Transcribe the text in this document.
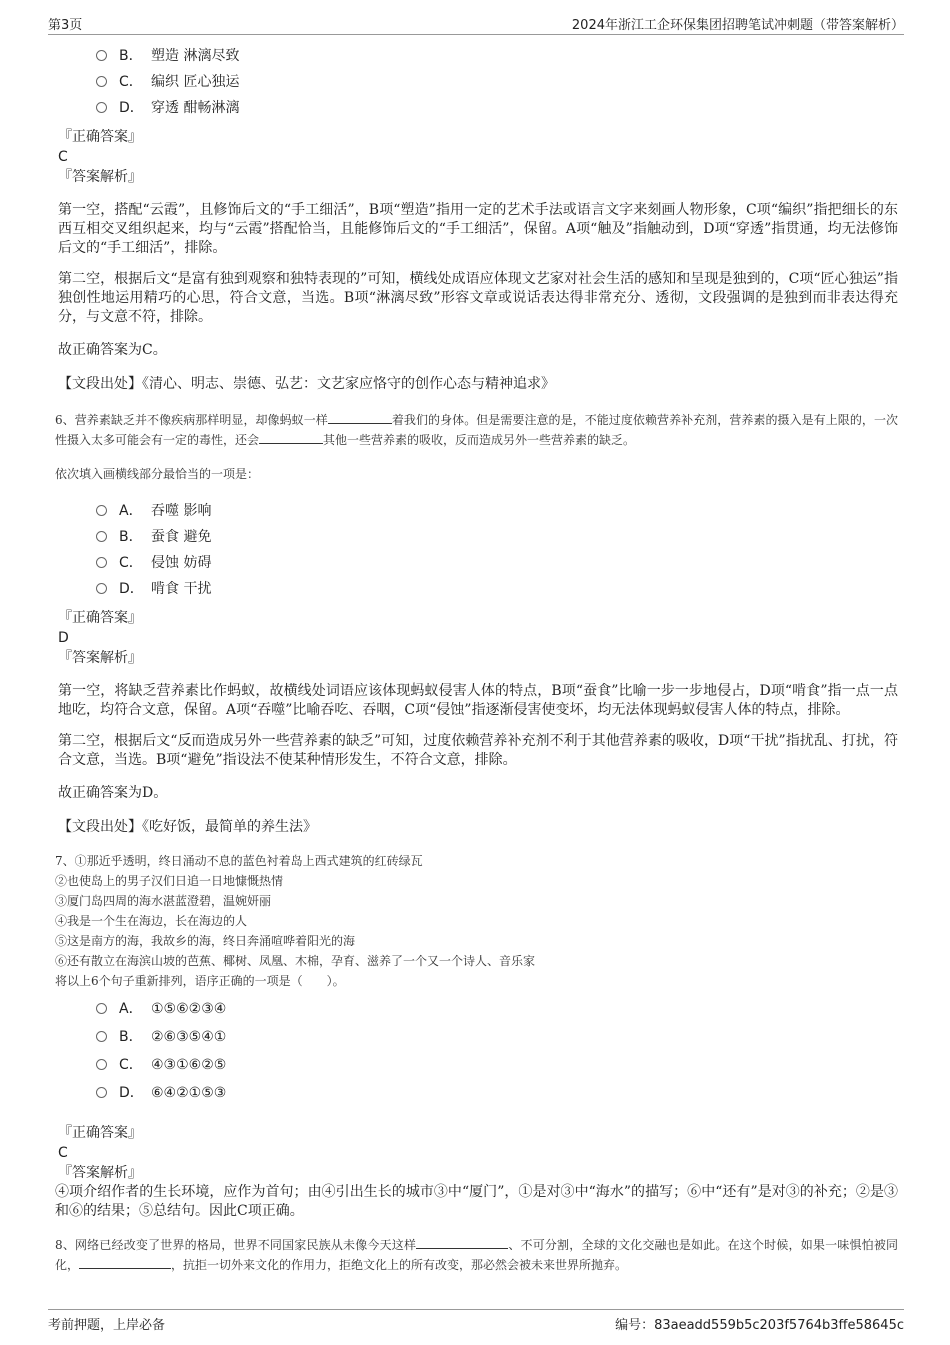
第3页	2024年浙江工企环保集团招聘笔试冲刺题（带答案解析）
B． 塑造 淋漓尽致
C． 编织 匠心独运
D． 穿透 酣畅淋漓
『正确答案』
C
『答案解析』
第一空，搭配“云霞”，且修饰后文的“手工细活”，B项“塑造”指用一定的艺术手法或语言文字来刻画人物形象，C项“编织”指把细长的东西互相交叉组织起来，均与“云霞”搭配恰当，且能修饰后文的“手工细活”，保留。A项“触及”指触动到，D项“穿透”指贯通，均无法修饰后文的“手工细活”，排除。
第二空，根据后文“是富有独到观察和独特表现的”可知，横线处成语应体现文艺家对社会生活的感知和呈现是独到的，C项“匠心独运”指独创性地运用精巧的心思，符合文意，当选。B项“淋漓尽致”形容文章或说话表达得非常充分、透彻，文段强调的是独到而非表达得充分，与文意不符，排除。
故正确答案为C。
【文段出处】《清心、明志、崇德、弘艺：文艺家应恪守的创作心态与精神追求》
6、营养素缺乏并不像疾病那样明显，却像蚂蚁一样	着我们的身体。但是需要注意的是，不能过度依赖营养补充剂，营养素的摄入是有上限的，一次性摄入太多可能会有一定的毒性，还会	其他一些营养素的吸收，反而造成另外一些营养素的缺乏。
依次填入画横线部分最恰当的一项是：
A． 吞噬 影响
B． 蚕食 避免
C． 侵蚀 妨碍
D． 啃食 干扰
『正确答案』
D
『答案解析』
第一空，将缺乏营养素比作蚂蚁，故横线处词语应该体现蚂蚁侵害人体的特点，B项“蚕食”比喻一步一步地侵占，D项“啃食”指一点一点地吃，均符合文意，保留。A项“吞噬”比喻吞吃、吞咽，C项“侵蚀”指逐渐侵害使变坏，均无法体现蚂蚁侵害人体的特点，排除。
第二空，根据后文“反而造成另外一些营养素的缺乏”可知，过度依赖营养补充剂不利于其他营养素的吸收，D项“干扰”指扰乱、打扰，符合文意，当选。B项“避免”指设法不使某种情形发生，不符合文意，排除。
故正确答案为D。
【文段出处】《吃好饭，最简单的养生法》
7、①那近乎透明，终日涌动不息的蓝色衬着岛上西式建筑的红砖绿瓦
②也使岛上的男子汉们日追一日地慷慨热情
③厦门岛四周的海水湛蓝澄碧，温婉妍丽
④我是一个生在海边，长在海边的人
⑤这是南方的海，我故乡的海，终日奔涌喧哗着阳光的海
⑥还有散立在海滨山坡的芭蕉、椰树、凤凰、木棉，孕育、滋养了一个又一个诗人、音乐家
将以上6个句子重新排列，语序正确的一项是（　　）。
A． ①⑤⑥②③④
B． ②⑥③⑤④①
C． ④③①⑥②⑤
D． ⑥④②①⑤③
『正确答案』
C
『答案解析』
④项介绍作者的生长环境，应作为首句；由④引出生长的城市③中“厦门”，①是对③中“海水”的描写；⑥中“还有”是对③的补充；②是③和⑥的结果；⑤总结句。因此C项正确。
8、网络已经改变了世界的格局，世界不同国家民族从未像今天这样	、不可分割，全球的文化交融也是如此。在这个时候，如果一味惧怕被同化，	，抗拒一切外来文化的作用力，拒绝文化上的所有改变，那必然会被未来世界所抛弃。
考前押题，上岸必备	编号：83aeadd559b5c203f5764b3ffe58645c
